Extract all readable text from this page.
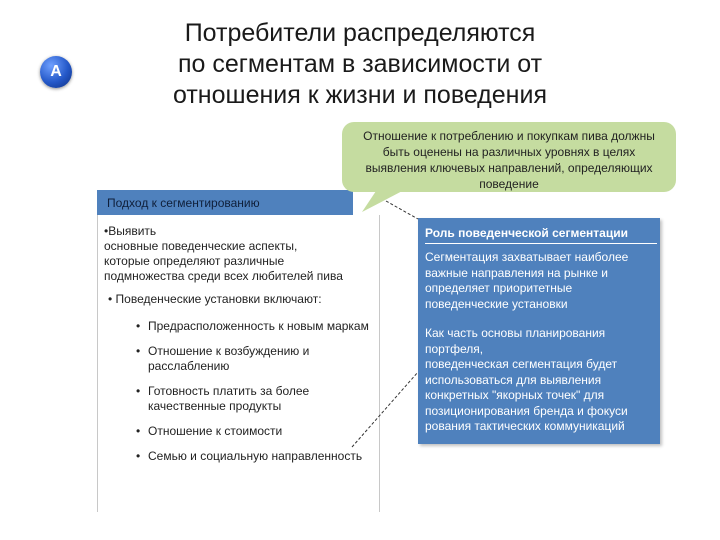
A
Потребители распределяются
по сегментам в зависимости от
отношения к жизни и поведения
Подход к сегментированию
•Выявить
основные поведенческие аспекты,
которые определяют различные
подмножества среди всех любителей пива
• Поведенческие установки включают:
• Предрасположенность к новым маркам
• Отношение к возбуждению и расслаблению
• Готовность платить за более качественные продукты
• Отношение к стоимости
• Семью и социальную направленность
Роль поведенческой сегментации
Сегментация захватывает наиболее
важные направления на рынке и
определяет приоритетные
поведенческие установки
Как часть основы планирования
портфеля,
поведенческая сегментация будет
использоваться для выявления
конкретных "якорных точек" для
позиционирования бренда и фокуси
рования тактических коммуникаций
Отношение к потреблению и покупкам пива должны
быть оценены на различных уровнях в целях
выявления ключевых направлений, определяющих
поведение
